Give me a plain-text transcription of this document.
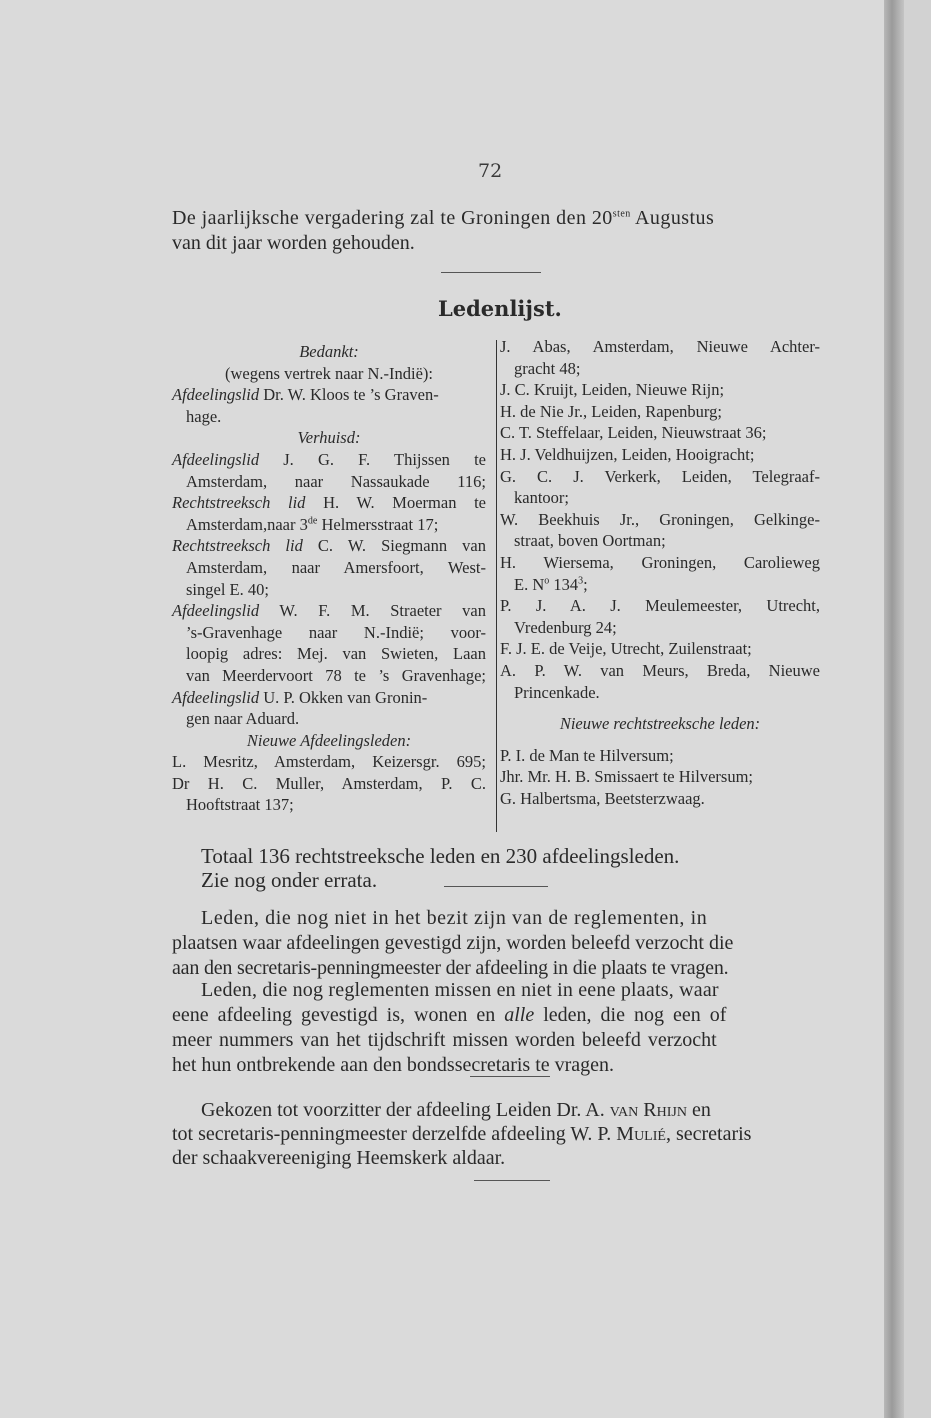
72
De jaarlijksche vergadering zal te Groningen den $20^{sten}$ Augustus
van dit jaar worden gehouden.
Ledenlijst.
Bedankt:
(wegens vertrek naar N.-Indië):
Afdeelingslid Dr. W. Kloos te ’s Graven-
hage.
Verhuisd:
Afdeelingslid J. G. F. Thijssen te
Amsterdam, naar Nassaukade 116;
Rechtstreeksch lid H. W. Moerman te
Amsterdam,naar 3de Helmersstraat 17;
Rechtstreeksch lid C. W. Siegmann van
Amsterdam, naar Amersfoort, West-
singel E. 40;
Afdeelingslid W. F. M. Straeter van
’s-Gravenhage naar N.-Indië; voor-
loopig adres: Mej. van Swieten, Laan
van Meerdervoort 78 te ’s Gravenhage;
Afdeelingslid U. P. Okken van Gronin-
gen naar Aduard.
Nieuwe Afdeelingsleden:
L. Mesritz, Amsterdam, Keizersgr. 695;
Dr H. C. Muller, Amsterdam, P. C.
Hooftstraat 137;
J. Abas, Amsterdam, Nieuwe Achter-
gracht 48;
J. C. Kruijt, Leiden, Nieuwe Rijn;
H. de Nie Jr., Leiden, Rapenburg;
C. T. Steffelaar, Leiden, Nieuwstraat 36;
H. J. Veldhuijzen, Leiden, Hooigracht;
G. C. J. Verkerk, Leiden, Telegraaf-
kantoor;
W. Beekhuis Jr., Groningen, Gelkinge-
straat, boven Oortman;
H. Wiersema, Groningen, Carolieweg
E. $N^o$ $134^3$;
P. J. A. J. Meulemeester, Utrecht,
Vredenburg 24;
F. J. E. de Veije, Utrecht, Zuilenstraat;
A. P. W. van Meurs, Breda, Nieuwe
Princenkade.
Nieuwe rechtstreeksche leden:
P. I. de Man te Hilversum;
Jhr. Mr. H. B. Smissaert te Hilversum;
G. Halbertsma, Beetsterzwaag.
Totaal 136 rechtstreeksche leden en 230 afdeelingsleden.
Zie nog onder errata.
Leden, die nog niet in het bezit zijn van de reglementen, in
plaatsen waar afdeelingen gevestigd zijn, worden beleefd verzocht die
aan den secretaris-penningmeester der afdeeling in die plaats te vragen.
Leden, die nog reglementen missen en niet in eene plaats, waar
eene afdeeling gevestigd is, wonen en alle leden, die nog een of
meer nummers van het tijdschrift missen worden beleefd verzocht
het hun ontbrekende aan den bondssecretaris te vragen.
Gekozen tot voorzitter der afdeeling Leiden Dr. A. van Rhijn en
tot secretaris-penningmeester derzelfde afdeeling W. P. Mulié, secretaris
der schaakvereeniging Heemskerk aldaar.
